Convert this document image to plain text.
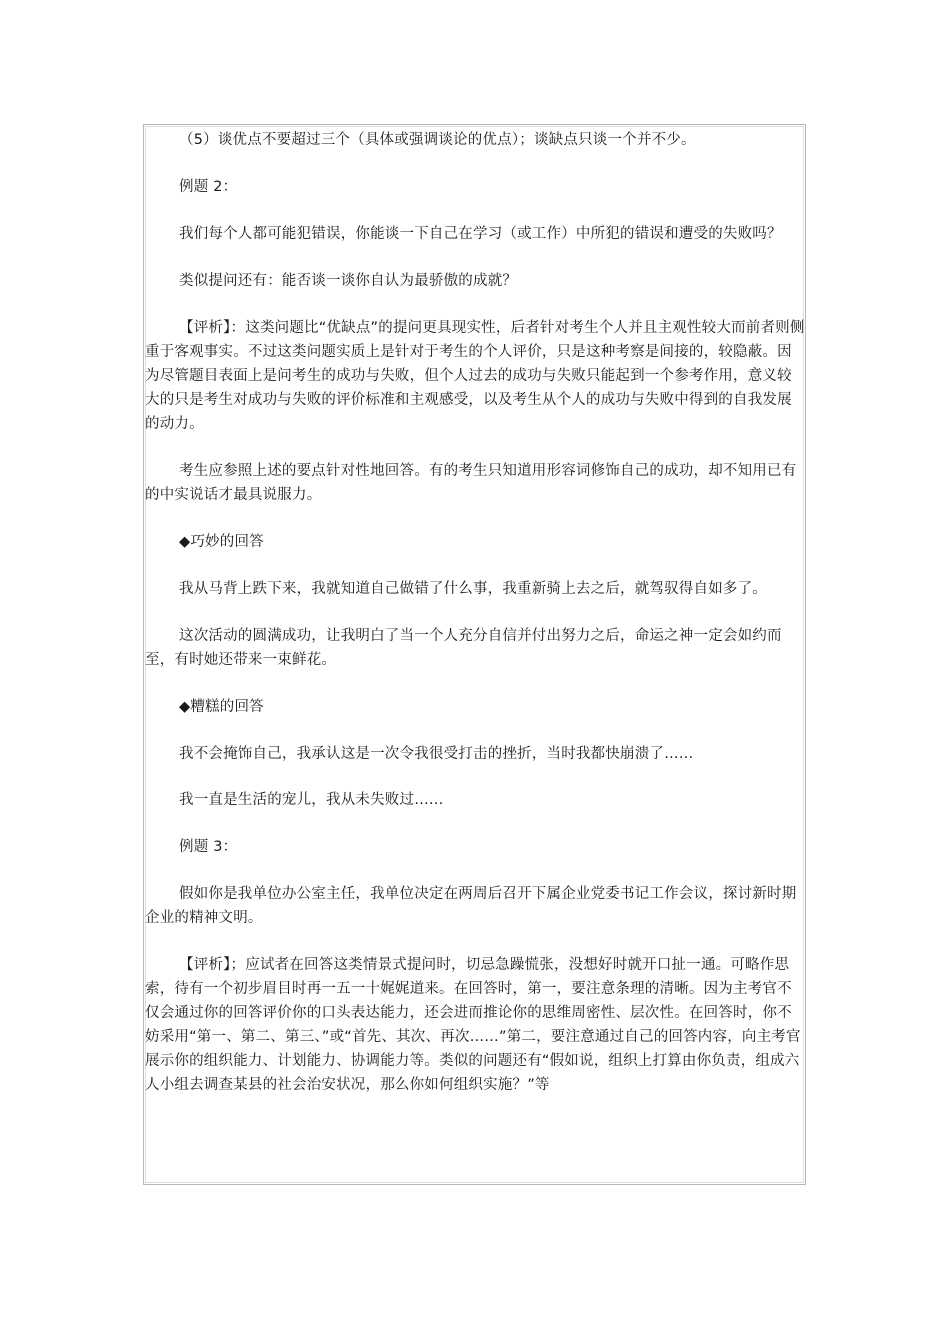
（5）谈优点不要超过三个（具体或强调谈论的优点）；谈缺点只谈一个并不少。

例题 2：

我们每个人都可能犯错误，你能谈一下自己在学习（或工作）中所犯的错误和遭受的失败吗？

类似提问还有：能否谈一谈你自认为最骄傲的成就？

【评析】：这类问题比“优缺点”的提问更具现实性，后者针对考生个人并且主观性较大而前者则侧重于客观事实。不过这类问题实质上是针对于考生的个人评价，只是这种考察是间接的，较隐蔽。因为尽管题目表面上是问考生的成功与失败，但个人过去的成功与失败只能起到一个参考作用，意义较大的只是考生对成功与失败的评价标准和主观感受，以及考生从个人的成功与失败中得到的自我发展的动力。

考生应参照上述的要点针对性地回答。有的考生只知道用形容词修饰自己的成功，却不知用已有的中实说话才最具说服力。

◆巧妙的回答

我从马背上跌下来，我就知道自己做错了什么事，我重新骑上去之后，就驾驭得自如多了。

这次活动的圆满成功，让我明白了当一个人充分自信并付出努力之后，命运之神一定会如约而至，有时她还带来一束鲜花。

◆糟糕的回答

我不会掩饰自己，我承认这是一次令我很受打击的挫折，当时我都快崩溃了……

我一直是生活的宠儿，我从未失败过……

例题 3：

假如你是我单位办公室主任，我单位决定在两周后召开下属企业党委书记工作会议，探讨新时期企业的精神文明。

【评析】；应试者在回答这类情景式提问时，切忌急躁慌张，没想好时就开口扯一通。可略作思索，待有一个初步眉目时再一五一十娓娓道来。在回答时，第一，要注意条理的清晰。因为主考官不仅会通过你的回答评价你的口头表达能力，还会进而推论你的思维周密性、层次性。在回答时，你不妨采用“第一、第二、第三、”或“首先、其次、再次……”第二，要注意通过自己的回答内容，向主考官展示你的组织能力、计划能力、协调能力等。类似的问题还有“假如说，组织上打算由你负责，组成六人小组去调查某县的社会治安状况，那么你如何组织实施？”等
